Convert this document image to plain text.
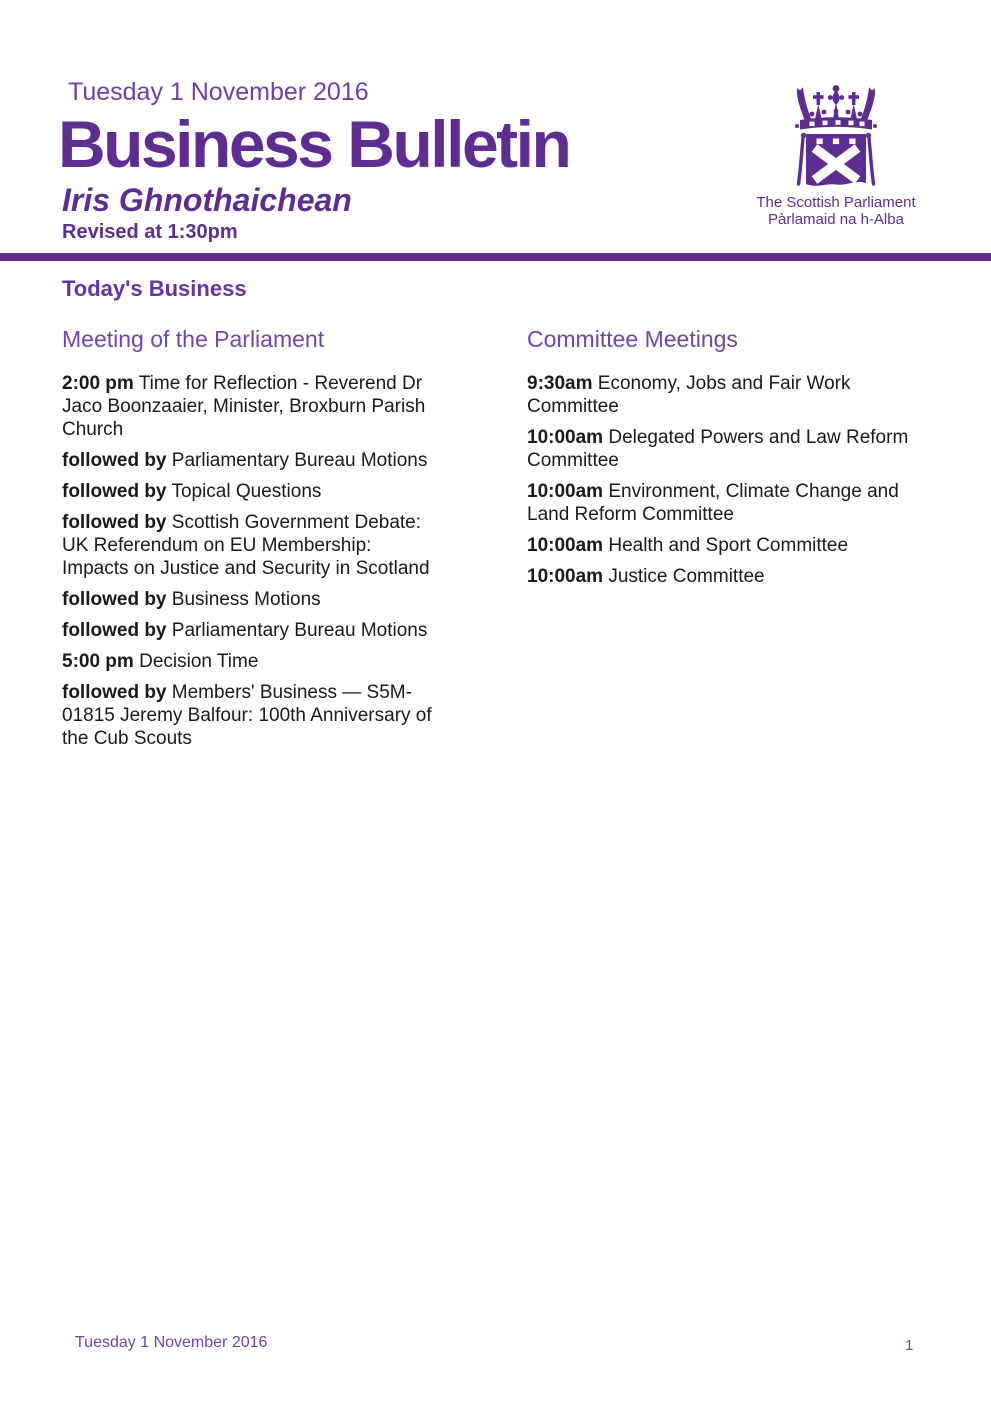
Tuesday 1 November 2016
Business Bulletin
Iris Ghnothaichean
Revised at 1:30pm
The Scottish Parliament
Pàrlamaid na h-Alba
Today's Business
Meeting of the Parliament

2:00 pm Time for Reflection - Reverend Dr Jaco Boonzaaier, Minister, Broxburn Parish Church

followed by Parliamentary Bureau Motions

followed by Topical Questions

followed by Scottish Government Debate: UK Referendum on EU Membership: Impacts on Justice and Security in Scotland

followed by Business Motions

followed by Parliamentary Bureau Motions

5:00 pm Decision Time

followed by Members' Business — S5M-01815 Jeremy Balfour: 100th Anniversary of the Cub Scouts

Committee Meetings

9:30am Economy, Jobs and Fair Work Committee

10:00am Delegated Powers and Law Reform Committee

10:00am Environment, Climate Change and Land Reform Committee

10:00am Health and Sport Committee

10:00am Justice Committee

Tuesday 1 November 2016	1
